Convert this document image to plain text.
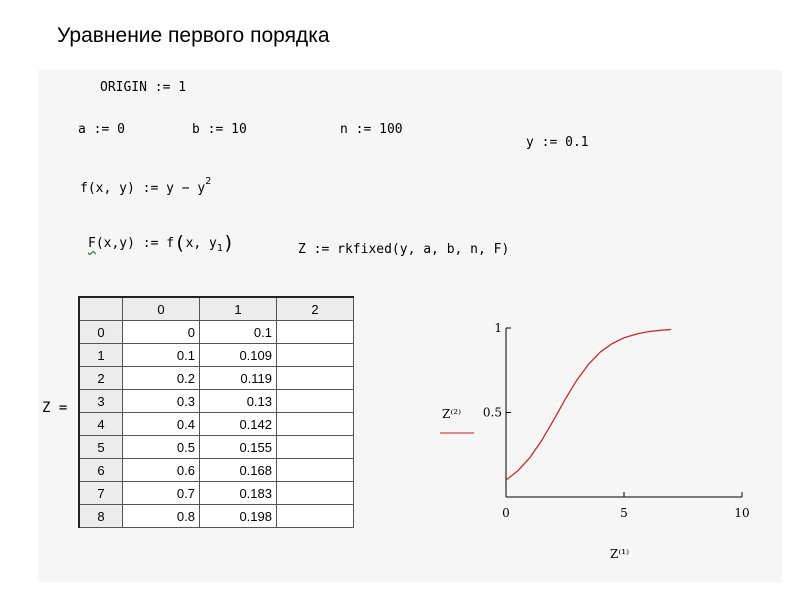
Уравнение первого порядка
ORIGIN := 1
a := 0	b := 10	n := 100
y := 0.1
f(x, y) := $y - y^2$
F(x,y) := f(x, $y_1$)	Z := rkfixed(y, a, b, n, F)
Z =
	0	1	2
0	0	0.1	
1	0.1	0.109	
2	0.2	0.119	
3	0.3	0.13	
4	0.4	0.142	
5	0.5	0.155	
6	0.6	0.168	
7	0.7	0.183	
8	0.8	0.198	
1
0.5
0	5	10
Z⁽²⁾
Z⁽¹⁾
